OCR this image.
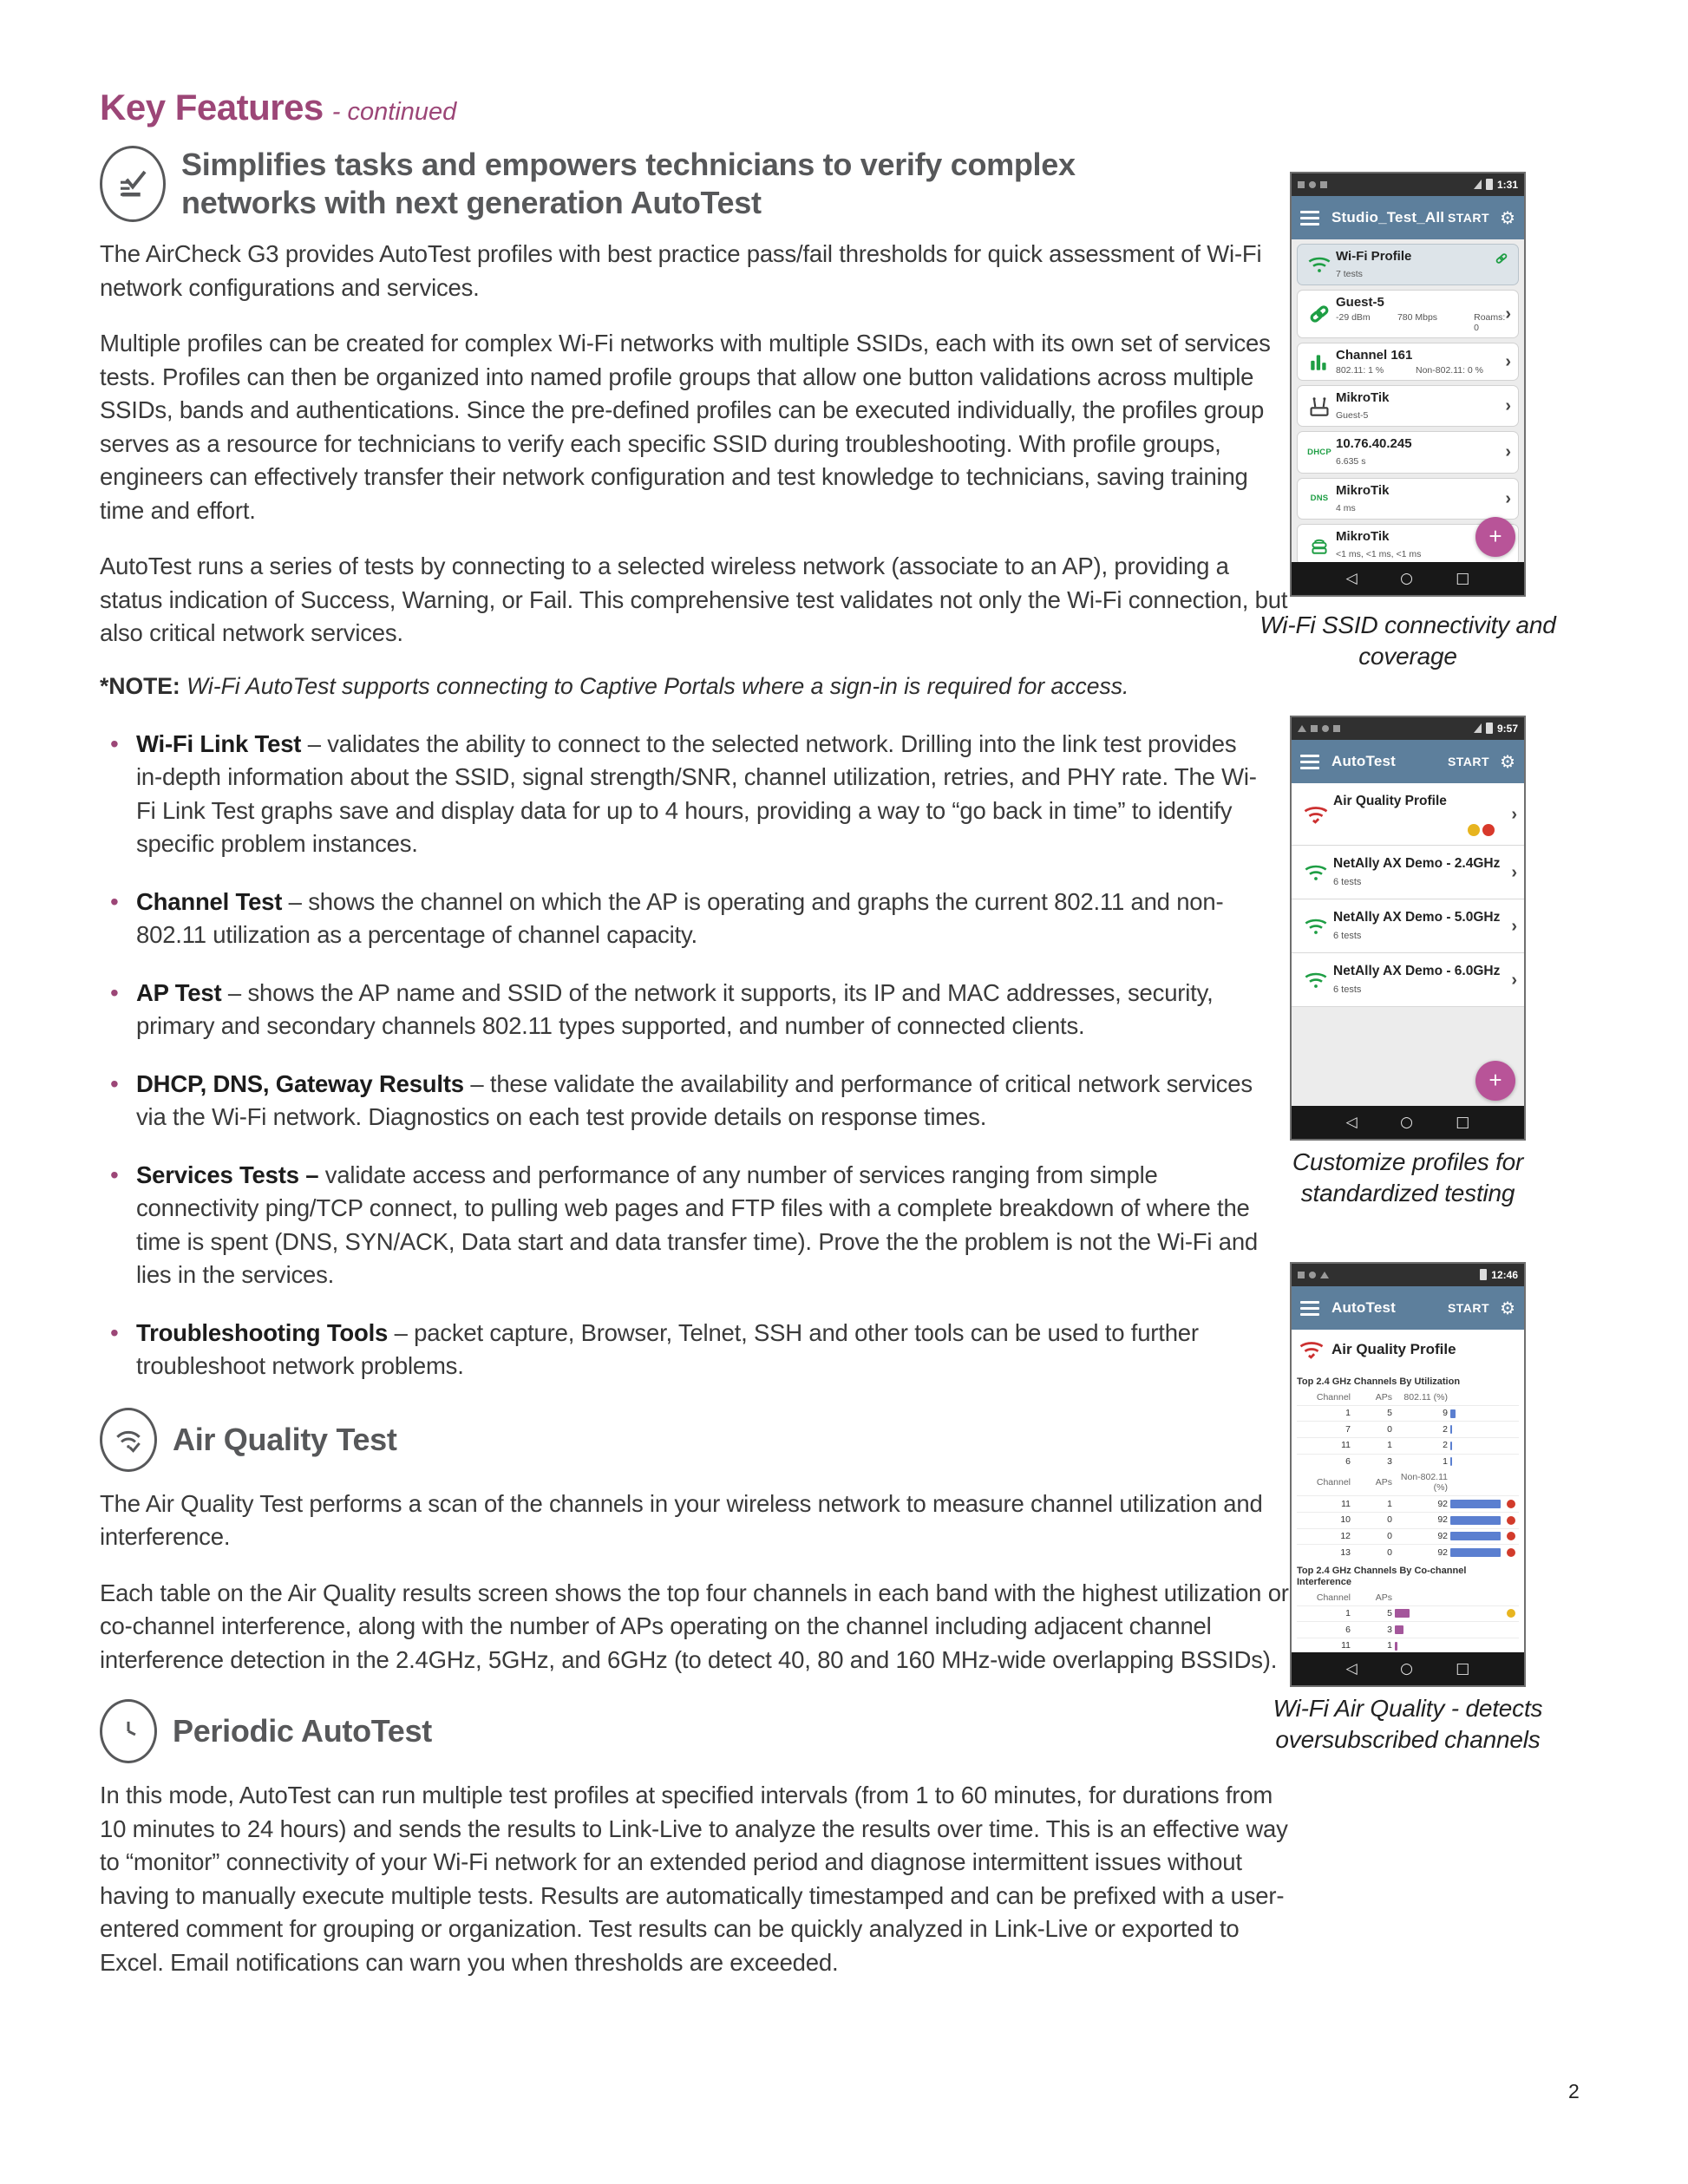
Key Features - continued
Simplifies tasks and empowers technicians to verify complex networks with next generation AutoTest

The AirCheck G3 provides AutoTest profiles with best practice pass/fail thresholds for quick assessment of Wi-Fi network configurations and services.

Multiple profiles can be created for complex Wi-Fi networks with multiple SSIDs, each with its own set of services tests. Profiles can then be organized into named profile groups that allow one button validations across multiple SSIDs, bands and authentications. Since the pre-defined profiles can be executed individually, the profiles group serves as a resource for technicians to verify each specific SSID during troubleshooting. With profile groups, engineers can effectively transfer their network configuration and test knowledge to technicians, saving training time and effort.

AutoTest runs a series of tests by connecting to a selected wireless network (associate to an AP), providing a status indication of Success, Warning, or Fail. This comprehensive test validates not only the Wi-Fi connection, but also critical network services.

*NOTE: Wi-Fi AutoTest supports connecting to Captive Portals where a sign-in is required for access.

• Wi-Fi Link Test – validates the ability to connect to the selected network. Drilling into the link test provides in-depth information about the SSID, signal strength/SNR, channel utilization, retries, and PHY rate. The Wi-Fi Link Test graphs save and display data for up to 4 hours, providing a way to “go back in time” to identify specific problem instances.
• Channel Test – shows the channel on which the AP is operating and graphs the current 802.11 and non-802.11 utilization as a percentage of channel capacity.
• AP Test – shows the AP name and SSID of the network it supports, its IP and MAC addresses, security, primary and secondary channels 802.11 types supported, and number of connected clients.
• DHCP, DNS, Gateway Results – these validate the availability and performance of critical network services via the Wi-Fi network. Diagnostics on each test provide details on response times.
• Services Tests – validate access and performance of any number of services ranging from simple connectivity ping/TCP connect, to pulling web pages and FTP files with a complete breakdown of where the time is spent (DNS, SYN/ACK, Data start and data transfer time). Prove the the problem is not the Wi-Fi and lies in the services.
• Troubleshooting Tools – packet capture, Browser, Telnet, SSH and other tools can be used to further troubleshoot network problems.
Air Quality Test

The Air Quality Test performs a scan of the channels in your wireless network to measure channel utilization and interference.

Each table on the Air Quality results screen shows the top four channels in each band with the highest utilization or co-channel interference, along with the number of APs operating on the channel including adjacent channel interference detection in the 2.4GHz, 5GHz, and 6GHz (to detect 40, 80 and 160 MHz-wide overlapping BSSIDs).

Periodic AutoTest

In this mode, AutoTest can run multiple test profiles at specified intervals (from 1 to 60 minutes, for durations from 10 minutes to 24 hours) and sends the results to Link-Live to analyze the results over time. This is an effective way to “monitor” connectivity of your Wi-Fi network for an extended period and diagnose intermittent issues without having to manually execute multiple tests. Results are automatically timestamped and can be prefixed with a user-entered comment for grouping or organization. Test results can be quickly analyzed in Link-Live or exported to Excel. Email notifications can warn you when thresholds are exceeded.

2
1:31
Studio_Test_All START ⚙
Wi-Fi Profile
7 tests
Guest-5
-29 dBm	780 Mbps	Roams: 0
›
Channel 161
802.11: 1 %	Non-802.11: 0 % ›
MikroTik
Guest-5	›
DHCP
10.76.40.245
6.635 s	›
DNS
MikroTik
4 ms	›
MikroTik
<1 ms, <1 ms, <1 ms
+
◁	○	□
Wi-Fi SSID connectivity and coverage
9:57
AutoTest	START ⚙
Air Quality Profile
›
NetAlly AX Demo - 2.4GHz
6 tests
›
NetAlly AX Demo - 5.0GHz
6 tests
›
NetAlly AX Demo - 6.0GHz
6 tests
›
+
◁	○	□
Customize profiles for standardized testing
12:46
AutoTest	START ⚙
Air Quality Profile
Top 2.4 GHz Channels By Utilization
Channel	APs	802.11 (%)
1	5	9
7	0	2
11	1	2
6	3	1
Channel	APs
Non-802.11 (%)
11	1	92
10	0	92
12	0	92
13	0	92
Top 2.4 GHz Channels By Co-channel Interference
Channel	APs
1	5
6	3
11	1
◁	○	□
Wi-Fi Air Quality - detects oversubscribed channels
